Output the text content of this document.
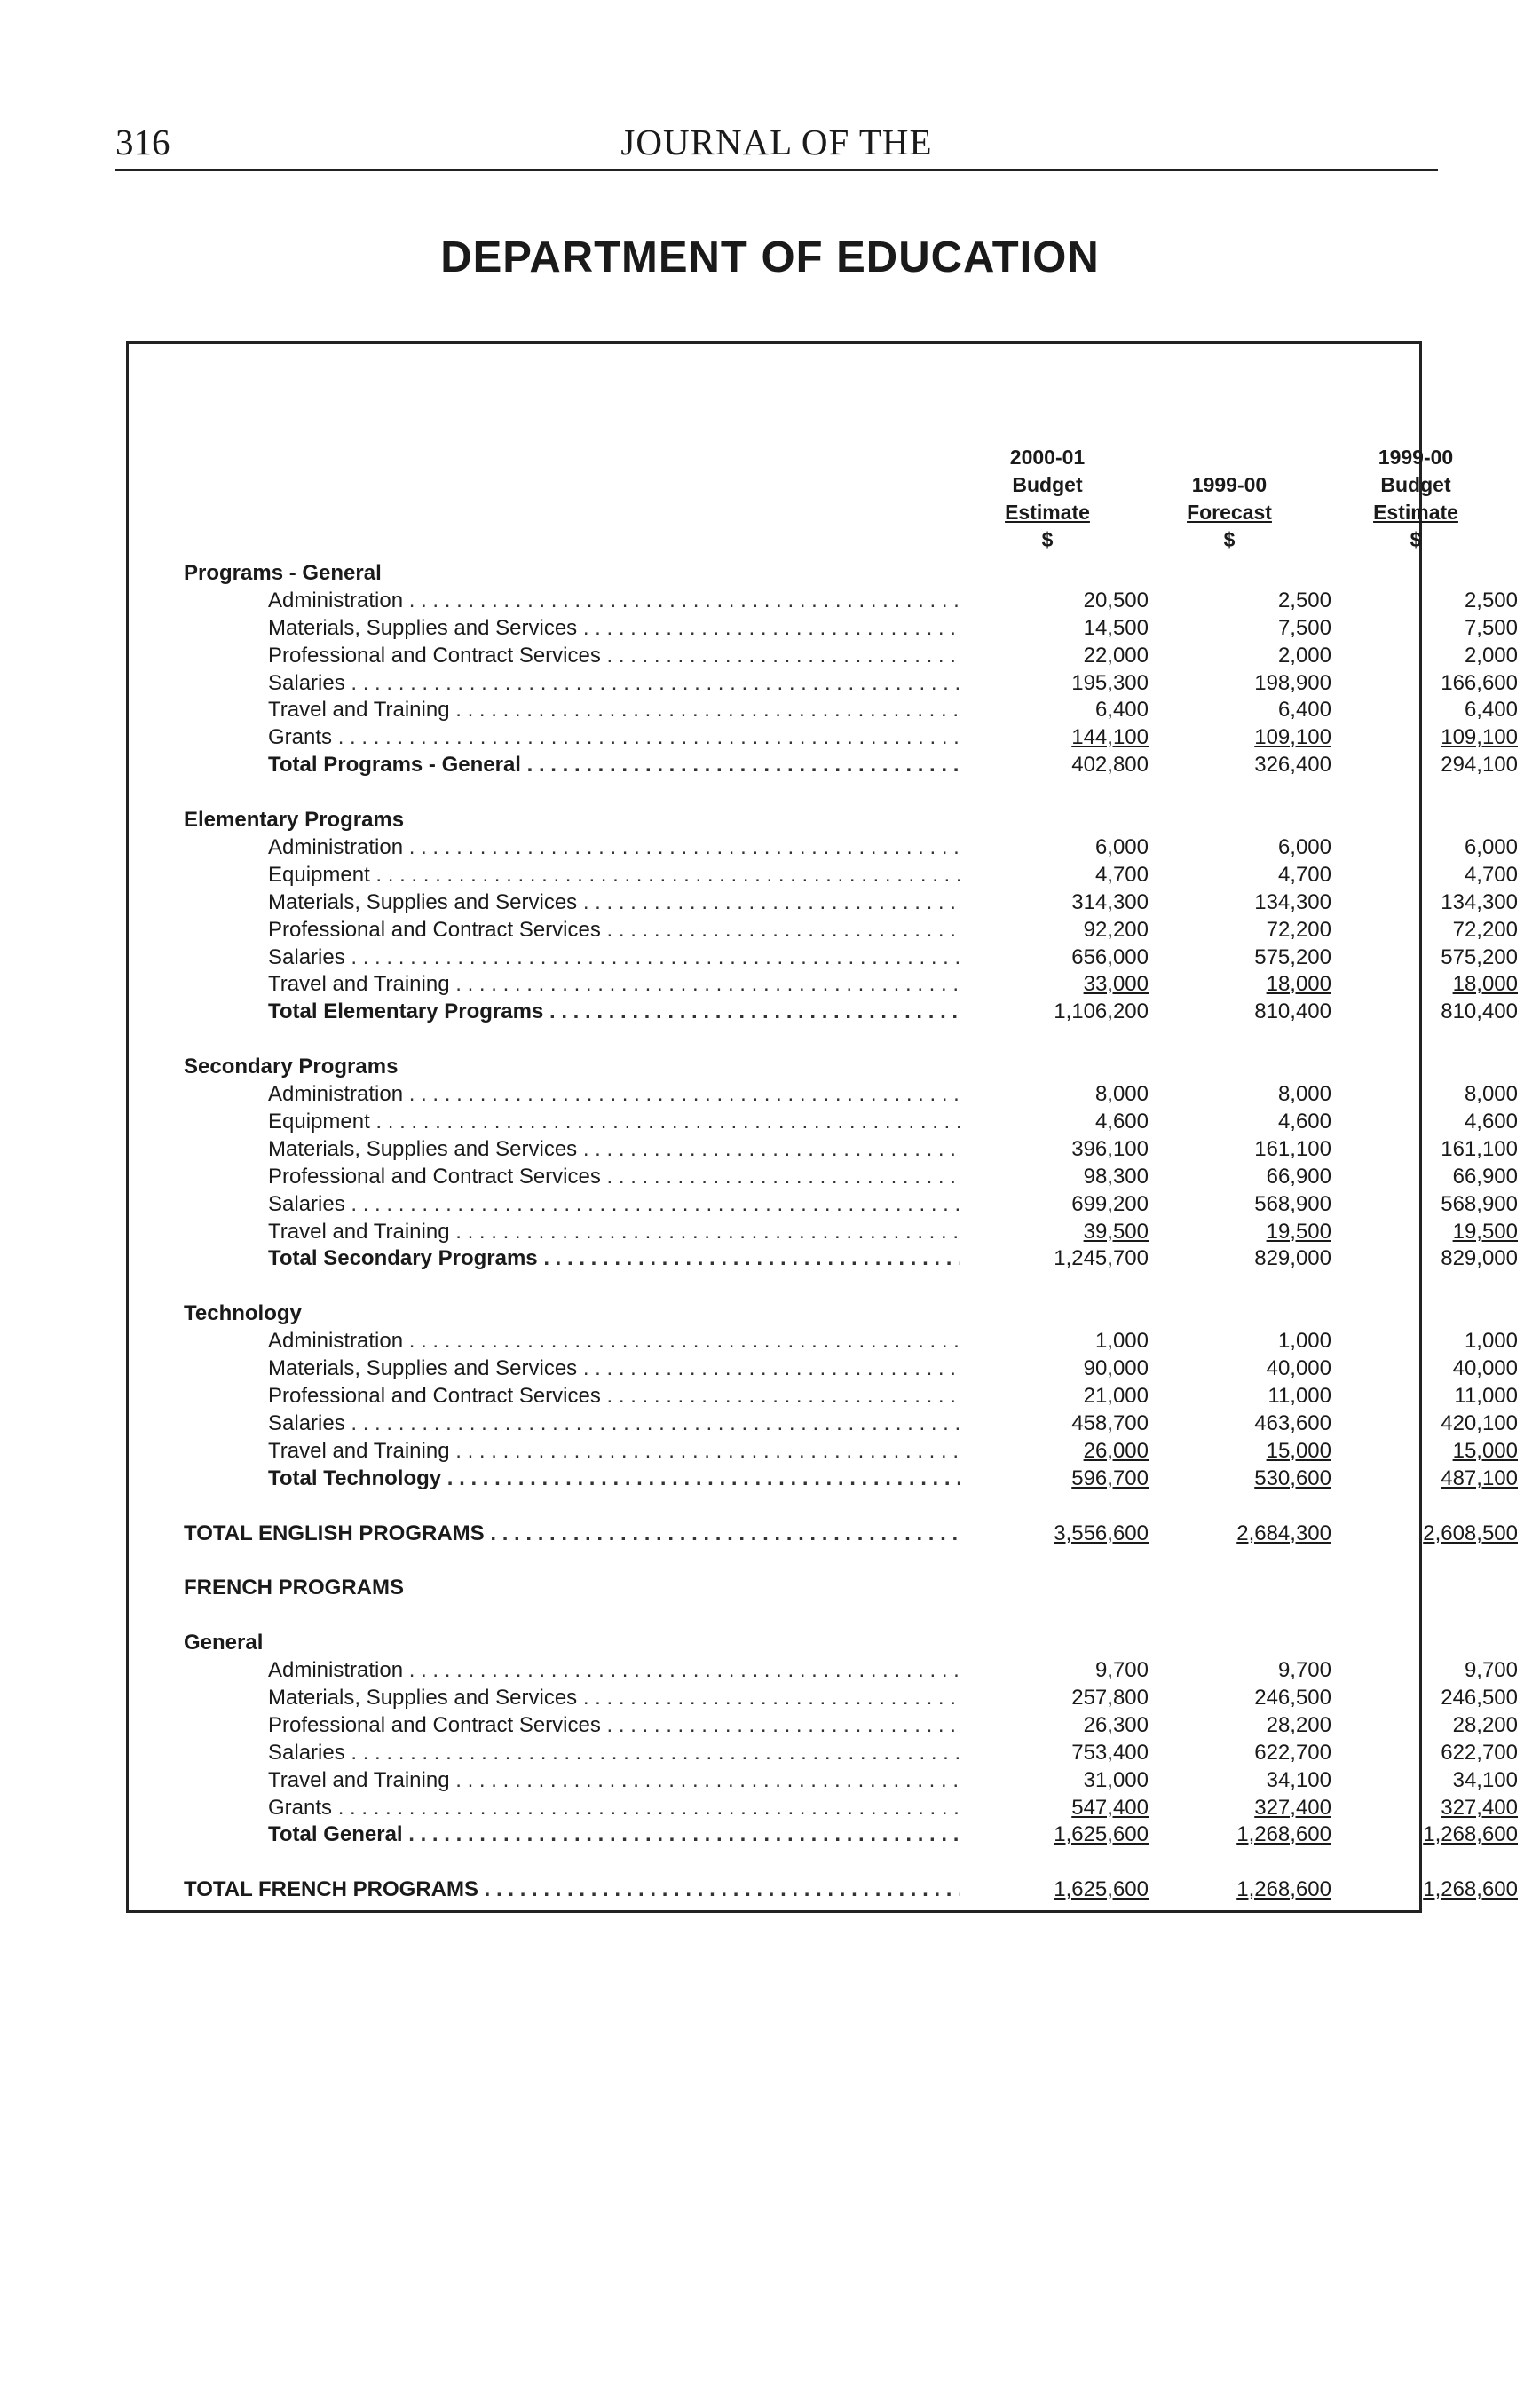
316	JOURNAL OF THE
DEPARTMENT OF EDUCATION
2000-01
Budget
Estimate
$
1999-00
Forecast
$
1999-00
Budget
Estimate
$
Programs - General
Administration . . .	20,500	2,500	2,500
Materials, Supplies and Services . . .	14,500	7,500	7,500
Professional and Contract Services . . .	22,000	2,000	2,000
Salaries . . .	195,300	198,900	166,600
Travel and Training . . .	6,400	6,400	6,400
Grants . . .	144,100	109,100	109,100
Total Programs - General . . .	402,800	326,400	294,100
Elementary Programs
Administration . . .	6,000	6,000	6,000
Equipment . . .	4,700	4,700	4,700
Materials, Supplies and Services . . .	314,300	134,300	134,300
Professional and Contract Services . . .	92,200	72,200	72,200
Salaries . . .	656,000	575,200	575,200
Travel and Training . . .	33,000	18,000	18,000
Total Elementary Programs . . .	1,106,200	810,400	810,400
Secondary Programs
Administration . . .	8,000	8,000	8,000
Equipment . . .	4,600	4,600	4,600
Materials, Supplies and Services . . .	396,100	161,100	161,100
Professional and Contract Services . . .	98,300	66,900	66,900
Salaries . . .	699,200	568,900	568,900
Travel and Training . . .	39,500	19,500	19,500
Total Secondary Programs . . .	1,245,700	829,000	829,000
Technology
Administration . . .	1,000	1,000	1,000
Materials, Supplies and Services . . .	90,000	40,000	40,000
Professional and Contract Services . . .	21,000	11,000	11,000
Salaries . . .	458,700	463,600	420,100
Travel and Training . . .	26,000	15,000	15,000
Total Technology . . .	596,700	530,600	487,100
TOTAL ENGLISH PROGRAMS . . .	3,556,600	2,684,300	2,608,500
FRENCH PROGRAMS
General
Administration . . .	9,700	9,700	9,700
Materials, Supplies and Services . . .	257,800	246,500	246,500
Professional and Contract Services . . .	26,300	28,200	28,200
Salaries . . .	753,400	622,700	622,700
Travel and Training . . .	31,000	34,100	34,100
Grants . . .	547,400	327,400	327,400
Total General . . .	1,625,600	1,268,600	1,268,600
TOTAL FRENCH PROGRAMS . . .	1,625,600	1,268,600	1,268,600
